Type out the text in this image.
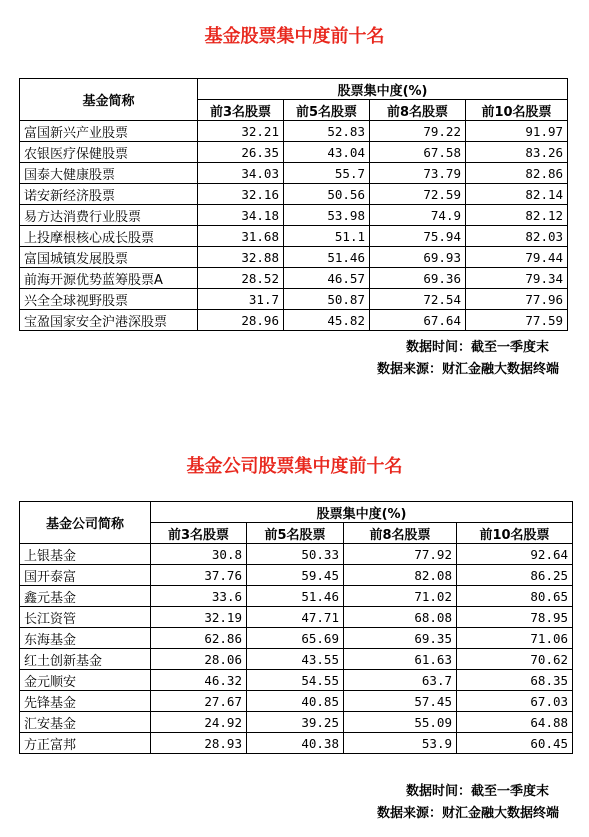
基金股票集中度前十名
基金简称	股票集中度(%)			
	前3名股票	前5名股票	前8名股票	前10名股票
富国新兴产业股票	32.21	52.83	79.22	91.97
农银医疗保健股票	26.35	43.04	67.58	83.26
国泰大健康股票	34.03	55.7	73.79	82.86
诺安新经济股票	32.16	50.56	72.59	82.14
易方达消费行业股票	34.18	53.98	74.9	82.12
上投摩根核心成长股票	31.68	51.1	75.94	82.03
富国城镇发展股票	32.88	51.46	69.93	79.44
前海开源优势蓝筹股票A	28.52	46.57	69.36	79.34
兴全全球视野股票	31.7	50.87	72.54	77.96
宝盈国家安全沪港深股票	28.96	45.82	67.64	77.59
数据时间：截至一季度末
数据来源：财汇金融大数据终端
基金公司股票集中度前十名
基金公司简称	股票集中度(%)			
	前3名股票	前5名股票	前8名股票	前10名股票
上银基金	30.8	50.33	77.92	92.64
国开泰富	37.76	59.45	82.08	86.25
鑫元基金	33.6	51.46	71.02	80.65
长江资管	32.19	47.71	68.08	78.95
东海基金	62.86	65.69	69.35	71.06
红土创新基金	28.06	43.55	61.63	70.62
金元顺安	46.32	54.55	63.7	68.35
先锋基金	27.67	40.85	57.45	67.03
汇安基金	24.92	39.25	55.09	64.88
方正富邦	28.93	40.38	53.9	60.45
数据时间：截至一季度末
数据来源：财汇金融大数据终端
